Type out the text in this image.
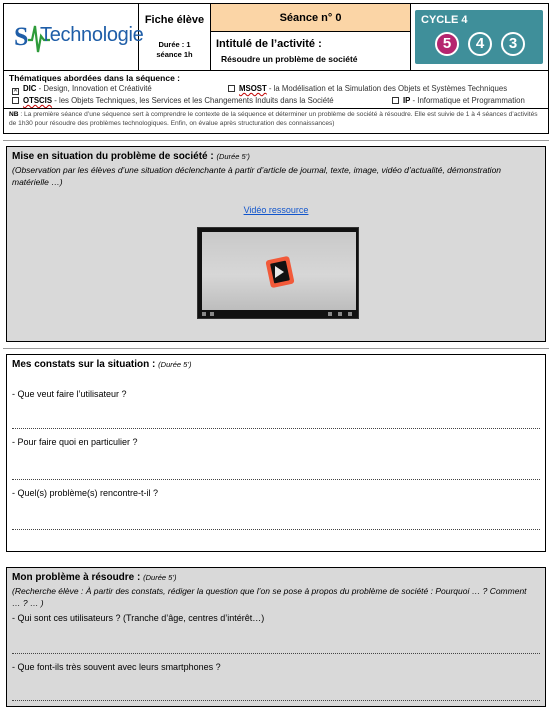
S Technologie
Fiche élève
Durée : 1
séance 1h
Séance n° 0
Intitulé de l’activité :
Résoudre un problème de société
CYCLE 4
5	4	3
Thématiques abordées dans la séquence :
✕ DIC - Design, Innovation et Créativité	MSOST - la Modélisation et la Simulation des Objets et Systèmes Techniques
OTSCIS - les Objets Techniques, les Services et les Changements Induits dans la Société	IP - Informatique et Programmation
NB : La première séance d’une séquence sert à comprendre le contexte de la séquence et déterminer un problème de société à résoudre. Elle est suivie de 1 à 4 séances d’activités de 1h30 pour résoudre des problèmes technologiques. Enfin, on évalue après structuration des connaissances)
Mise en situation du problème de société : (Durée 5’)
(Observation par les élèves d’une situation déclenchante à partir d’article de journal, texte, image, vidéo d’actualité, démonstration matérielle …)
Vidéo ressource
Mes constats sur la situation : (Durée 5’)
- Que veut faire l’utilisateur ?
- Pour faire quoi en particulier ?
- Quel(s) problème(s) rencontre-t-il ?
Mon problème à résoudre : (Durée 5’)
(Recherche élève : À partir des constats, rédiger la question que l’on se pose à propos du problème de société : Pourquoi … ? Comment … ? … )
- Qui sont ces utilisateurs ? (Tranche d’âge, centres d’intérêt…)
- Que font-ils très souvent avec leurs smartphones ?
